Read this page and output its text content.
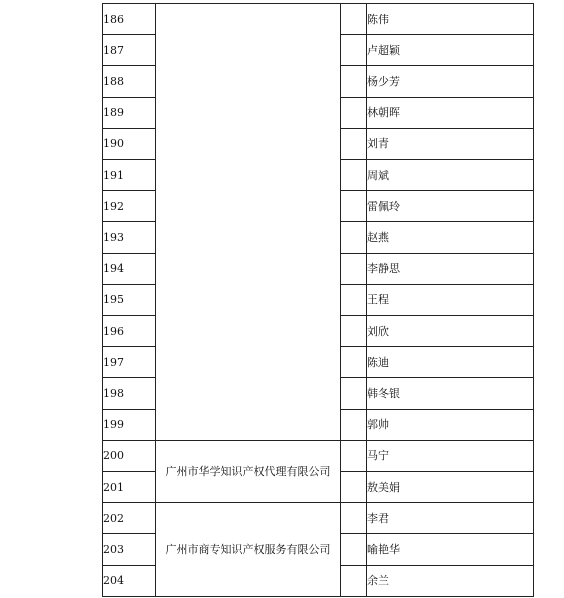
186			陈伟
187			卢超颖
188			杨少芳
189			林朝晖
190			刘青
191			周斌
192			雷佩玲
193			赵燕
194			李静思
195			王程
196			刘欣
197			陈迪
198			韩冬银
199			郭帅
200	广州市华学知识产权代理有限公司		马宁
201			敖美娟
202	广州市商专知识产权服务有限公司		李君
203			喻艳华
204			余兰
